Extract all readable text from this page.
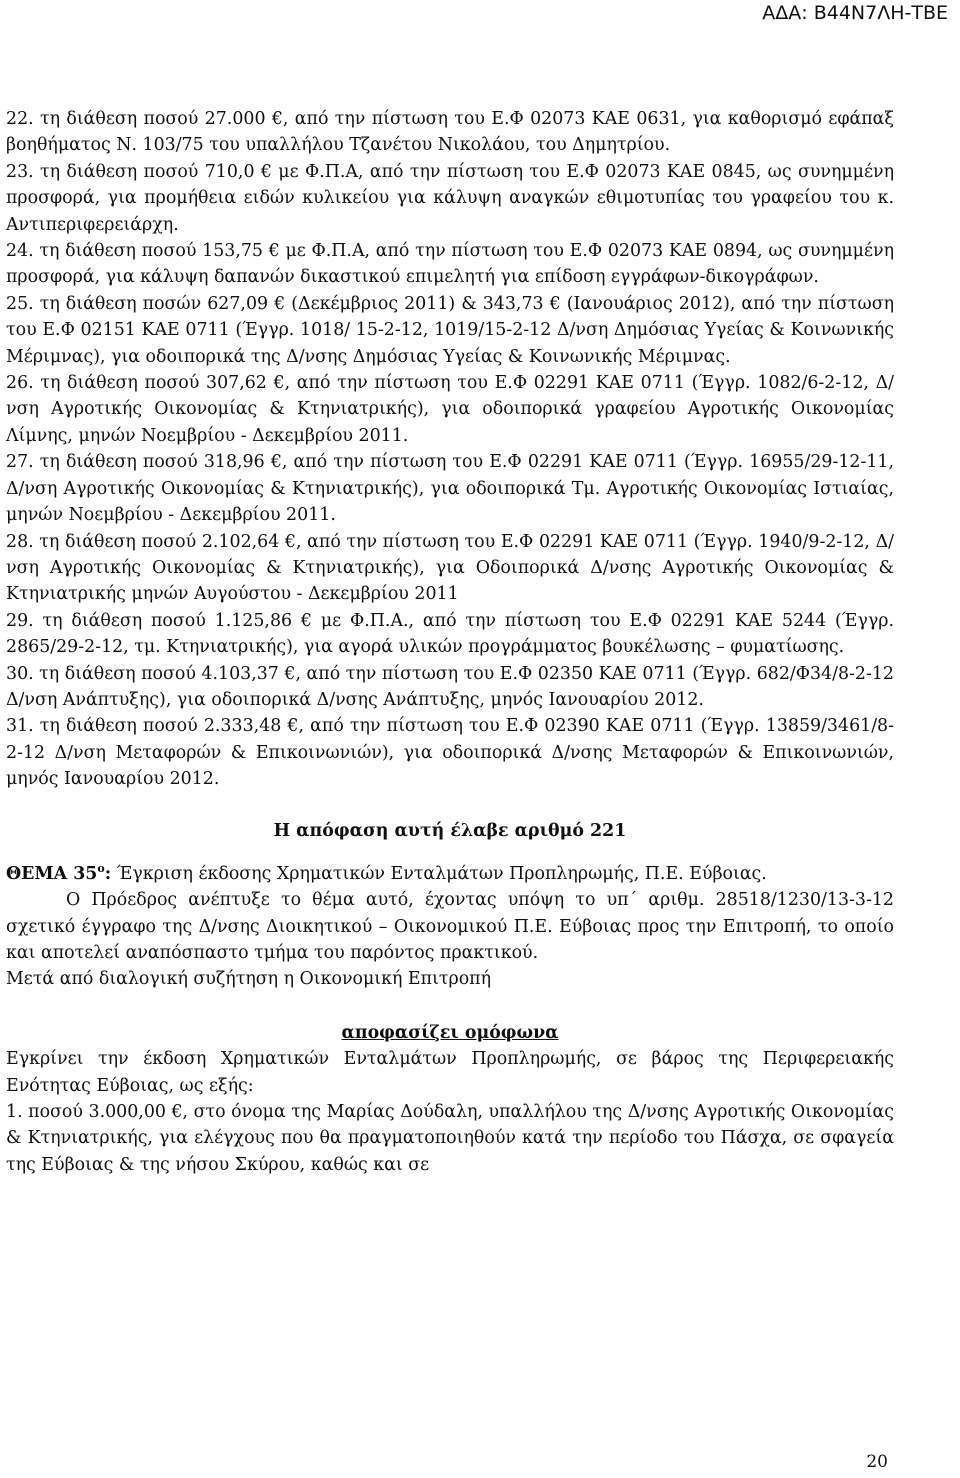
ΑΔΑ: Β44Ν7ΛΗ-ΤΒΕ

22. τη διάθεση ποσού 27.000 €, από την πίστωση του Ε.Φ 02073 ΚΑΕ 0631, για καθορισμό εφάπαξ βοηθήματος Ν. 103/75 του υπαλλήλου Τζανέτου Νικολάου, του Δημητρίου.

23. τη διάθεση ποσού 710,0 € με Φ.Π.Α, από την πίστωση του Ε.Φ 02073 ΚΑΕ 0845, ως συνημμένη προσφορά, για προμήθεια ειδών κυλικείου για κάλυψη αναγκών εθιμοτυπίας του γραφείου του κ. Αντιπεριφερειάρχη.

24. τη διάθεση ποσού 153,75 € με Φ.Π.Α, από την πίστωση του Ε.Φ 02073 ΚΑΕ 0894, ως συνημμένη προσφορά, για κάλυψη δαπανών δικαστικού επιμελητή για επίδοση εγγράφων-δικογράφων.

25. τη διάθεση ποσών 627,09 € (Δεκέμβριος 2011) & 343,73 € (Ιανουάριος 2012), από την πίστωση του Ε.Φ 02151 ΚΑΕ 0711 (Έγγρ. 1018/ 15-2-12, 1019/15-2-12 Δ/νση Δημόσιας Υγείας & Κοινωνικής Μέριμνας), για οδοιπορικά της Δ/νσης Δημόσιας Υγείας & Κοινωνικής Μέριμνας.

26. τη διάθεση ποσού 307,62 €, από την πίστωση του Ε.Φ 02291 ΚΑΕ 0711 (Έγγρ. 1082/6-2-12, Δ/νση Αγροτικής Οικονομίας & Κτηνιατρικής), για οδοιπορικά γραφείου Αγροτικής Οικονομίας Λίμνης, μηνών Νοεμβρίου - Δεκεμβρίου 2011.

27. τη διάθεση ποσού 318,96 €, από την πίστωση του Ε.Φ 02291 ΚΑΕ 0711 (Έγγρ. 16955/29-12-11, Δ/νση Αγροτικής Οικονομίας & Κτηνιατρικής), για οδοιπορικά Τμ. Αγροτικής Οικονομίας Ιστιαίας, μηνών Νοεμβρίου - Δεκεμβρίου 2011.

28. τη διάθεση ποσού 2.102,64 €, από την πίστωση του Ε.Φ 02291 ΚΑΕ 0711 (Έγγρ. 1940/9-2-12, Δ/νση Αγροτικής Οικονομίας & Κτηνιατρικής), για Οδοιπορικά Δ/νσης Αγροτικής Οικονομίας & Κτηνιατρικής μηνών Αυγούστου - Δεκεμβρίου 2011

29. τη διάθεση ποσού 1.125,86 € με Φ.Π.Α., από την πίστωση του Ε.Φ 02291 ΚΑΕ 5244 (Έγγρ. 2865/29-2-12, τμ. Κτηνιατρικής), για αγορά υλικών προγράμματος βουκέλωσης – φυματίωσης.

30. τη διάθεση ποσού 4.103,37 €, από την πίστωση του Ε.Φ 02350 ΚΑΕ 0711 (Έγγρ. 682/Φ34/8-2-12 Δ/νση Ανάπτυξης), για οδοιπορικά Δ/νσης Ανάπτυξης, μηνός Ιανουαρίου 2012.

31. τη διάθεση ποσού 2.333,48 €, από την πίστωση του Ε.Φ 02390 ΚΑΕ 0711 (Έγγρ. 13859/3461/8-2-12 Δ/νση Μεταφορών & Επικοινωνιών), για οδοιπορικά Δ/νσης Μεταφορών & Επικοινωνιών, μηνός Ιανουαρίου 2012.

Η απόφαση αυτή έλαβε αριθμό 221

ΘΕΜΑ $35^o$: Έγκριση έκδοσης Χρηματικών Ενταλμάτων Προπληρωμής, Π.Ε. Εύβοιας.

Ο Πρόεδρος ανέπτυξε το θέμα αυτό, έχοντας υπόψη το υπ΄ αριθμ. 28518/1230/13-3-12 σχετικό έγγραφο της Δ/νσης Διοικητικού – Οικονομικού Π.Ε. Εύβοιας προς την Επιτροπή, το οποίο και αποτελεί αναπόσπαστο τμήμα του παρόντος πρακτικού.

Μετά από διαλογική συζήτηση η Οικονομική Επιτροπή

αποφασίζει ομόφωνα

Εγκρίνει την έκδοση Χρηματικών Ενταλμάτων Προπληρωμής, σε βάρος της Περιφερειακής Ενότητας Εύβοιας, ως εξής:

1. ποσού 3.000,00 €, στο όνομα της Μαρίας Δούδαλη, υπαλλήλου της Δ/νσης Αγροτικής Οικονομίας & Κτηνιατρικής, για ελέγχους που θα πραγματοποιηθούν κατά την περίοδο του Πάσχα, σε σφαγεία της Εύβοιας & της νήσου Σκύρου, καθώς και σε

20
